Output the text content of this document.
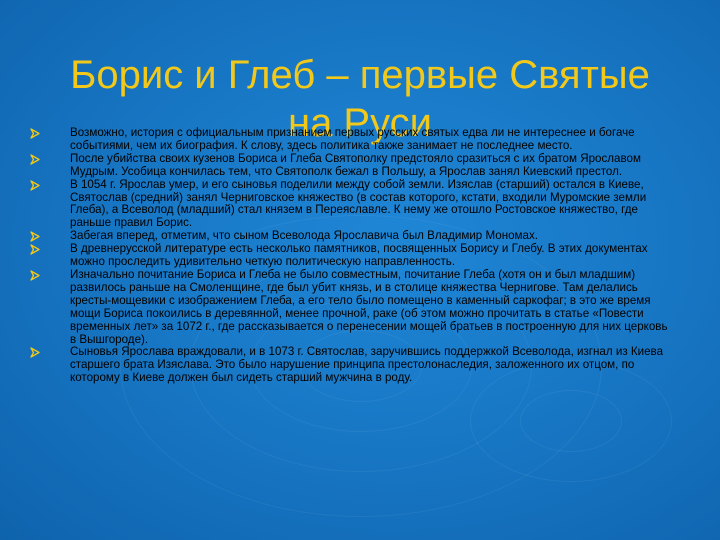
Борис и Глеб – первые Святые
на Руси
Возможно, история с официальным признанием первых русских святых едва ли не интереснее и богаче событиями, чем их биография. К слову, здесь политика также занимает не последнее место.
После убийства своих кузенов Бориса и Глеба Святополку предстояло сразиться с их братом Ярославом Мудрым. Усобица кончилась тем, что Святополк бежал в Польшу, а Ярослав занял Киевский престол.
В 1054 г. Ярослав умер, и его сыновья поделили между собой земли. Изяслав (старший) остался в Киеве, Святослав (средний) занял Черниговское княжество (в состав которого, кстати, входили Муромские земли Глеба), а Всеволод (младший) стал князем в Переяславле. К нему же отошло Ростовское княжество, где раньше правил Борис.
Забегая вперед, отметим, что сыном Всеволода Ярославича был Владимир Мономах.
В древнерусской литературе есть несколько памятников, посвященных Борису и Глебу. В этих документах можно проследить удивительно четкую политическую направленность.
Изначально почитание Бориса и Глеба не было совместным, почитание Глеба (хотя он и был младшим) развилось раньше на Смоленщине, где был убит князь, и в столице княжества Чернигове. Там делались кресты-мощевики с изображением Глеба, а его тело было помещено в каменный саркофаг; в это же время мощи Бориса покоились в деревянной, менее прочной, раке (об этом можно прочитать в статье «Повести временных лет» за 1072 г., где рассказывается о перенесении мощей братьев в построенную для них церковь в Вышгороде).
Сыновья Ярослава враждовали, и в 1073 г. Святослав, заручившись поддержкой Всеволода, изгнал из Киева старшего брата Изяслава. Это было нарушение принципа престолонаследия, заложенного их отцом, по которому в Киеве должен был сидеть старший мужчина в роду.
